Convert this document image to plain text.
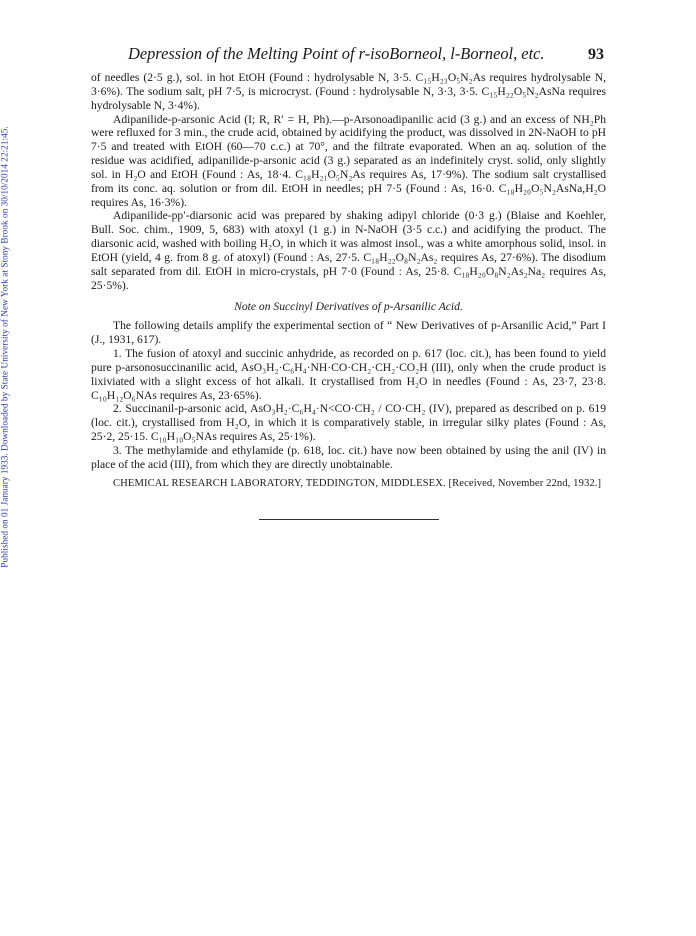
Published on 01 January 1933. Downloaded by State University of New York at Stony Brook on 30/10/2014 22:21:45.
Depression of the Melting Point of r-isoBorneol, l-Borneol, etc.	93

of needles (2·5 g.), sol. in hot EtOH (Found : hydrolysable N, 3·5. C₁₅H₂₃O₅N₂As requires hydrolysable N, 3·6%). The sodium salt, pH 7·5, is microcryst. (Found : hydrolysable N, 3·3, 3·5. C₁₅H₂₂O₅N₂AsNa requires hydrolysable N, 3·4%).

Adipanilide-p-arsonic Acid (I; R, R′ = H, Ph).—p-Arsonoadipanilic acid (3 g.) and an excess of NH₂Ph were refluxed for 3 min., the crude acid, obtained by acidifying the product, was dissolved in 2N-NaOH to pH 7·5 and treated with EtOH (60—70 c.c.) at 70°, and the filtrate evaporated. When an aq. solution of the residue was acidified, adipanilide-p-arsonic acid (3 g.) separated as an indefinitely cryst. solid, only slightly sol. in H₂O and EtOH (Found : As, 18·4. C₁₈H₂₁O₅N₂As requires As, 17·9%). The sodium salt crystallised from its conc. aq. solution or from dil. EtOH in needles; pH 7·5 (Found : As, 16·0. C₁₈H₂₀O₅N₂AsNa,H₂O requires As, 16·3%).

Adipanilide-pp′-diarsonic acid was prepared by shaking adipyl chloride (0·3 g.) (Blaise and Koehler, Bull. Soc. chim., 1909, 5, 683) with atoxyl (1 g.) in N-NaOH (3·5 c.c.) and acidifying the product. The diarsonic acid, washed with boiling H₂O, in which it was almost insol., was a white amorphous solid, insol. in EtOH (yield, 4 g. from 8 g. of atoxyl) (Found : As, 27·5. C₁₈H₂₂O₈N₂As₂ requires As, 27·6%). The disodium salt separated from dil. EtOH in micro-crystals, pH 7·0 (Found : As, 25·8. C₁₈H₂₀O₈N₂As₂Na₂ requires As, 25·5%).

Note on Succinyl Derivatives of p-Arsanilic Acid.

The following details amplify the experimental section of “ New Derivatives of p-Arsanilic Acid,” Part I (J., 1931, 617).

1. The fusion of atoxyl and succinic anhydride, as recorded on p. 617 (loc. cit.), has been found to yield pure p-arsonosuccinanilic acid, AsO₃H₂·C₆H₄·NH·CO·CH₂·CH₂·CO₂H (III), only when the crude product is lixiviated with a slight excess of hot alkali. It crystallised from H₂O in needles (Found : As, 23·7, 23·8. C₁₀H₁₂O₆NAs requires As, 23·65%).

2. Succinanil-p-arsonic acid, AsO₃H₂·C₆H₄·N<CO·CH₂ / CO·CH₂ (IV), prepared as described on p. 619 (loc. cit.), crystallised from H₂O, in which it is comparatively stable, in irregular silky plates (Found : As, 25·2, 25·15. C₁₀H₁₀O₅NAs requires As, 25·1%).

3. The methylamide and ethylamide (p. 618, loc. cit.) have now been obtained by using the anil (IV) in place of the acid (III), from which they are directly unobtainable.

CHEMICAL RESEARCH LABORATORY, TEDDINGTON, MIDDLESEX. [Received, November 22nd, 1932.]
